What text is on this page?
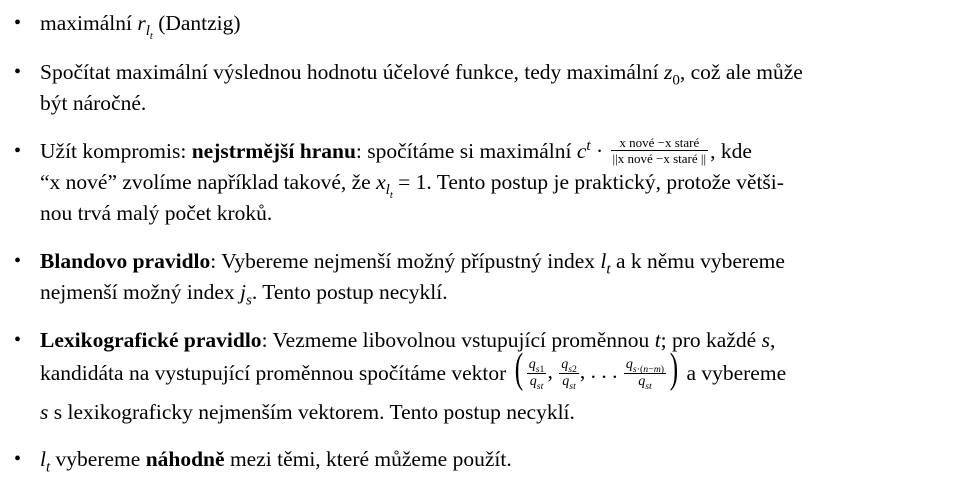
• maximální $r_{l_t}$ (Dantzig)
• Spočítat maximální výslednou hodnotu účelové funkce, tedy maximální $z_0$, což ale může
být náročné.
• Užít kompromis: nejstrmější hranu: spočítáme si maximální $c^t \cdot \frac{\text{x nové −x staré}}{\text{||x nové −x staré ||}}$ , kde
“x nové” zvolíme například takové, že $x_{l_t} = 1$. Tento postup je praktický, protože větši-
nou trvá malý počet kroků.
• Blandovo pravidlo: Vybereme nejmenší možný přípustný index $l_t$ a k němu vybereme
nejmenší možný index $j_s$. Tento postup necyklí.
• Lexikografické pravidlo: Vezmeme libovolnou vstupující proměnnou t; pro každé s,
kandidáta na vystupující proměnnou spočítáme vektor ( $\frac{q_{s1}}{q_{st}}$ , $\frac{q_{s2}}{q_{st}}$ , . . . $\frac{q_{s\cdot(n-m)}}{q_{st}}$ ) a vybereme
s s lexikograficky nejmenším vektorem. Tento postup necyklí.
• $l_t$ vybereme náhodně mezi těmi, které můžeme použít.
